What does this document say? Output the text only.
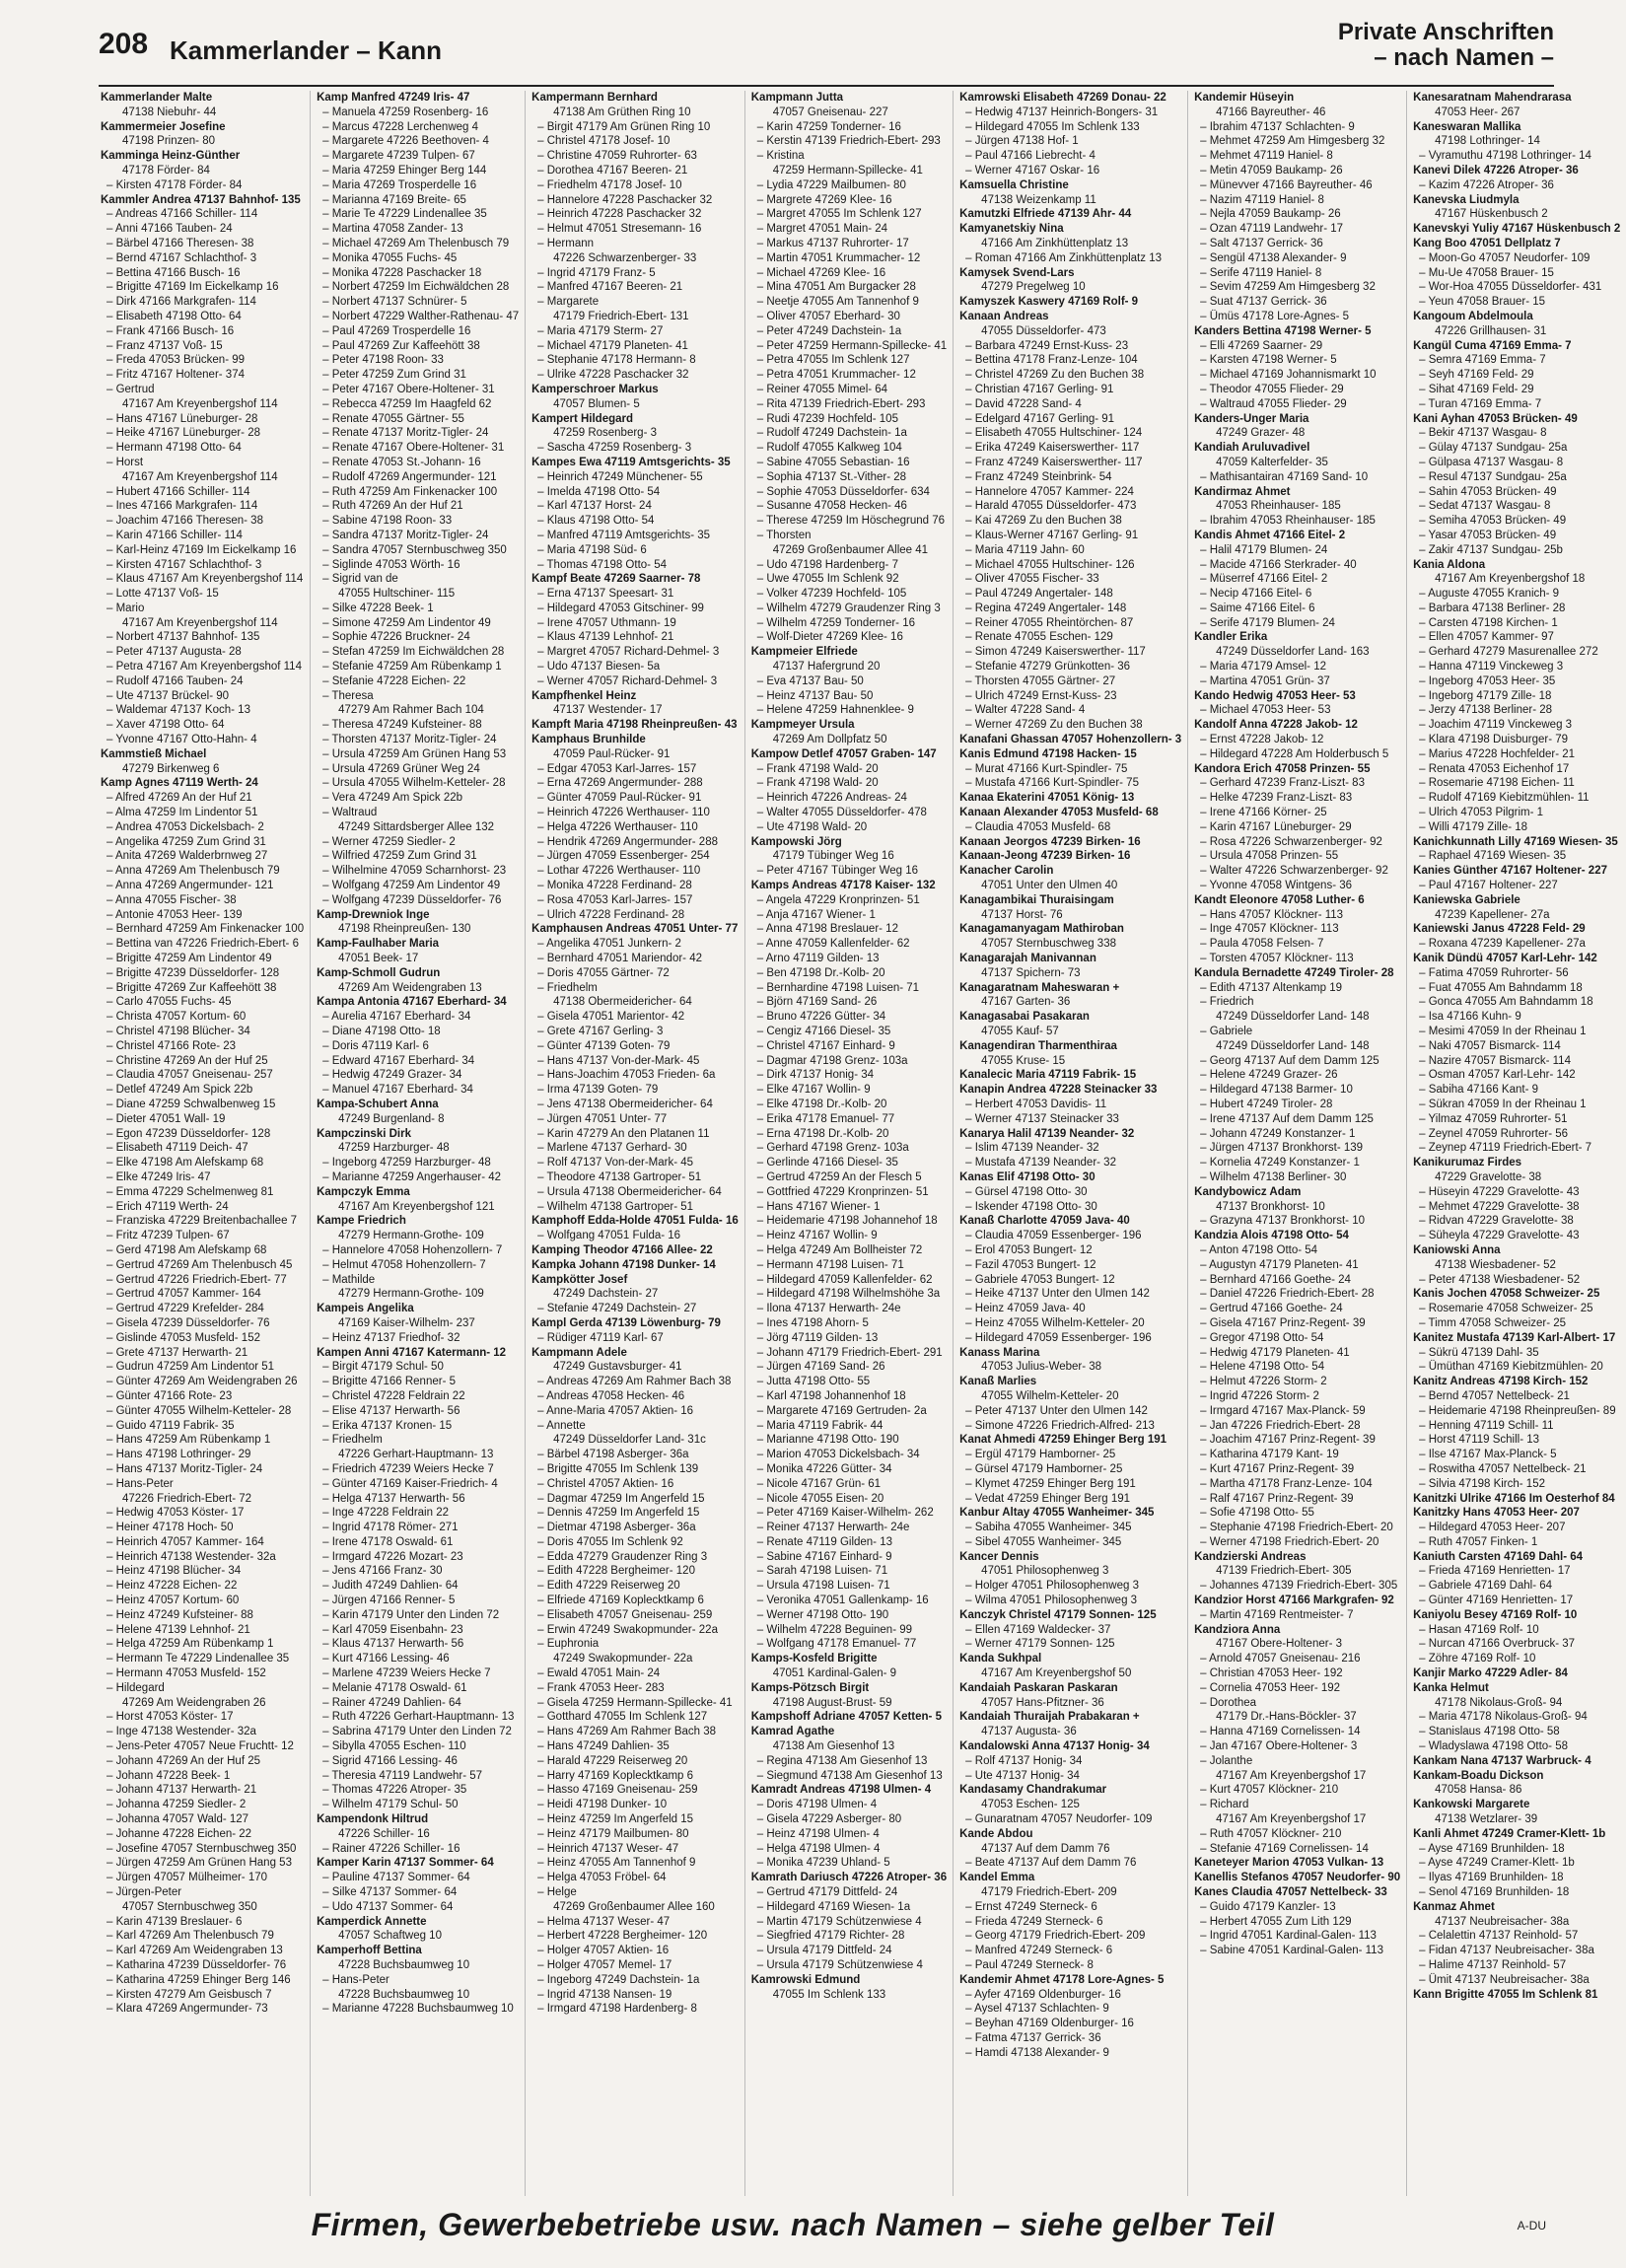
208 Kammerlander – Kann
Private Anschriften
– nach Namen –
Kammerlander Malte
47138 Niebuhr- 44
Kammermeier Josefine
47198 Prinzen- 80
Kamminga Heinz-Günther
47178 Förder- 84
– Kirsten 47178 Förder- 84
Kammler Andrea 47137 Bahnhof- 135
– Andreas 47166 Schiller- 114
– Anni 47166 Tauben- 24
– Bärbel 47166 Theresen- 38
– Bernd 47167 Schlachthof- 3
– Bettina 47166 Busch- 16
– Brigitte 47169 Im Eickelkamp 16
– Dirk 47166 Markgrafen- 114
– Elisabeth 47198 Otto- 64
– Frank 47166 Busch- 16
– Franz 47137 Voß- 15
– Freda 47053 Brücken- 99
– Fritz 47167 Holtener- 374
– Gertrud
47167 Am Kreyenbergshof 114
– Hans 47167 Lüneburger- 28
– Heike 47167 Lüneburger- 28
– Hermann 47198 Otto- 64
– Horst
47167 Am Kreyenbergshof 114
– Hubert 47166 Schiller- 114
– Ines 47166 Markgrafen- 114
– Joachim 47166 Theresen- 38
– Karin 47166 Schiller- 114
– Karl-Heinz 47169 Im Eickelkamp 16
– Kirsten 47167 Schlachthof- 3
– Klaus 47167 Am Kreyenbergshof 114
– Lotte 47137 Voß- 15
– Mario
47167 Am Kreyenbergshof 114
– Norbert 47137 Bahnhof- 135
– Peter 47137 Augusta- 28
– Petra 47167 Am Kreyenbergshof 114
– Rudolf 47166 Tauben- 24
– Ute 47137 Brückel- 90
– Waldemar 47137 Koch- 13
– Xaver 47198 Otto- 64
– Yvonne 47167 Otto-Hahn- 4
Kammstieß Michael
47279 Birkenweg 6
Kamp Agnes 47119 Werth- 24
– Alfred 47269 An der Huf 21
– Alma 47259 Im Lindentor 51
– Andrea 47053 Dickelsbach- 2
– Angelika 47259 Zum Grind 31
– Anita 47269 Walderbrnweg 27
– Anna 47269 Am Thelenbusch 79
– Anna 47269 Angermunder- 121
– Anna 47055 Fischer- 38
– Antonie 47053 Heer- 139
– Bernhard 47259 Am Finkenacker 100
– Bettina van 47226 Friedrich-Ebert- 6
– Brigitte 47259 Am Lindentor 49
– Brigitte 47239 Düsseldorfer- 128
– Brigitte 47269 Zur Kaffeehött 38
– Carlo 47055 Fuchs- 45
– Christa 47057 Kortum- 60
– Christel 47198 Blücher- 34
– Christel 47166 Rote- 23
– Christine 47269 An der Huf 25
– Claudia 47057 Gneisenau- 257
– Detlef 47249 Am Spick 22b
– Diane 47259 Schwalbenweg 15
– Dieter 47051 Wall- 19
– Egon 47239 Düsseldorfer- 128
– Elisabeth 47119 Deich- 47
– Elke 47198 Am Alefskamp 68
– Elke 47249 Iris- 47
– Emma 47229 Schelmenweg 81
– Erich 47119 Werth- 24
– Franziska 47229 Breitenbachallee 7
– Fritz 47239 Tulpen- 67
– Gerd 47198 Am Alefskamp 68
– Gertrud 47269 Am Thelenbusch 45
– Gertrud 47226 Friedrich-Ebert- 77
– Gertrud 47057 Kammer- 164
– Gertrud 47229 Krefelder- 284
– Gisela 47239 Düsseldorfer- 76
– Gislinde 47053 Musfeld- 152
– Grete 47137 Herwarth- 21
– Gudrun 47259 Am Lindentor 51
– Günter 47269 Am Weidengraben 26
– Günter 47166 Rote- 23
– Günter 47055 Wilhelm-Ketteler- 28
– Guido 47119 Fabrik- 35
– Hans 47259 Am Rübenkamp 1
– Hans 47198 Lothringer- 29
– Hans 47137 Moritz-Tigler- 24
– Hans-Peter
47226 Friedrich-Ebert- 72
– Hedwig 47053 Köster- 17
– Heiner 47178 Hoch- 50
– Heinrich 47057 Kammer- 164
– Heinrich 47138 Westender- 32a
– Heinz 47198 Blücher- 34
– Heinz 47228 Eichen- 22
– Heinz 47057 Kortum- 60
– Heinz 47249 Kufsteiner- 88
– Helene 47139 Lehnhof- 21
– Helga 47259 Am Rübenkamp 1
– Hermann Te 47229 Lindenallee 35
– Hermann 47053 Musfeld- 152
– Hildegard
47269 Am Weidengraben 26
– Horst 47053 Köster- 17
– Inge 47138 Westender- 32a
– Jens-Peter 47057 Neue Fruchtt- 12
– Johann 47269 An der Huf 25
– Johann 47228 Beek- 1
– Johann 47137 Herwarth- 21
– Johanna 47259 Siedler- 2
– Johanna 47057 Wald- 127
– Johanne 47228 Eichen- 22
– Josefine 47057 Sternbuschweg 350
– Jürgen 47259 Am Grünen Hang 53
– Jürgen 47057 Mülheimer- 170
– Jürgen-Peter
47057 Sternbuschweg 350
– Karin 47139 Breslauer- 6
– Karl 47269 Am Thelenbusch 79
– Karl 47269 Am Weidengraben 13
– Katharina 47239 Düsseldorfer- 76
– Katharina 47259 Ehinger Berg 146
– Kirsten 47279 Am Geisbusch 7
– Klara 47269 Angermunder- 73
Kamp Manfred 47249 Iris- 47
– Manuela 47259 Rosenberg- 16
– Marcus 47228 Lerchenweg 4
– Margarete 47226 Beethoven- 4
– Margarete 47239 Tulpen- 67
– Maria 47259 Ehinger Berg 144
– Maria 47269 Trosperdelle 16
– Marianna 47169 Breite- 65
– Marie Te 47229 Lindenallee 35
– Martina 47058 Zander- 13
– Michael 47269 Am Thelenbusch 79
– Monika 47055 Fuchs- 45
– Monika 47228 Paschacker 18
– Norbert 47259 Im Eichwäldchen 28
– Norbert 47137 Schnürer- 5
– Norbert 47229 Walther-Rathenau- 47
– Paul 47269 Trosperdelle 16
– Paul 47269 Zur Kaffeehött 38
– Peter 47198 Roon- 33
– Peter 47259 Zum Grind 31
– Peter 47167 Obere-Holtener- 31
– Rebecca 47259 Im Haagfeld 62
– Renate 47055 Gärtner- 55
– Renate 47137 Moritz-Tigler- 24
– Renate 47167 Obere-Holtener- 31
– Renate 47053 St.-Johann- 16
– Rudolf 47269 Angermunder- 121
– Ruth 47259 Am Finkenacker 100
– Ruth 47269 An der Huf 21
– Sabine 47198 Roon- 33
– Sandra 47137 Moritz-Tigler- 24
– Sandra 47057 Sternbuschweg 350
– Siglinde 47053 Wörth- 16
– Sigrid van de
47055 Hultschiner- 115
– Silke 47228 Beek- 1
– Simone 47259 Am Lindentor 49
– Sophie 47226 Bruckner- 24
– Stefan 47259 Im Eichwäldchen 28
– Stefanie 47259 Am Rübenkamp 1
– Stefanie 47228 Eichen- 22
– Theresa
47279 Am Rahmer Bach 104
– Theresa 47249 Kufsteiner- 88
– Thorsten 47137 Moritz-Tigler- 24
– Ursula 47259 Am Grünen Hang 53
– Ursula 47269 Grüner Weg 24
– Ursula 47055 Wilhelm-Ketteler- 28
– Vera 47249 Am Spick 22b
– Waltraud
47249 Sittardsberger Allee 132
– Werner 47259 Siedler- 2
– Wilfried 47259 Zum Grind 31
– Wilhelmine 47059 Scharnhorst- 23
– Wolfgang 47259 Am Lindentor 49
– Wolfgang 47239 Düsseldorfer- 76
Kamp-Drewniok Inge
47198 Rheinpreußen- 130
Kamp-Faulhaber Maria
47051 Beek- 17
Kamp-Schmoll Gudrun
47269 Am Weidengraben 13
Kampa Antonia 47167 Eberhard- 34
– Aurelia 47167 Eberhard- 34
– Diane 47198 Otto- 18
– Doris 47119 Karl- 6
– Edward 47167 Eberhard- 34
– Hedwig 47249 Grazer- 34
– Manuel 47167 Eberhard- 34
Kampa-Schubert Anna
47249 Burgenland- 8
Kampczinski Dirk
47259 Harzburger- 48
– Ingeborg 47259 Harzburger- 48
– Marianne 47259 Angerhauser- 42
Kampczyk Emma
47167 Am Kreyenbergshof 121
Kampe Friedrich
47279 Hermann-Grothe- 109
– Hannelore 47058 Hohenzollern- 7
– Helmut 47058 Hohenzollern- 7
– Mathilde
47279 Hermann-Grothe- 109
Kampeis Angelika
47169 Kaiser-Wilhelm- 237
– Heinz 47137 Friedhof- 32
Kampen Anni 47167 Katermann- 12
– Birgit 47179 Schul- 50
– Brigitte 47166 Renner- 5
– Christel 47228 Feldrain 22
– Elise 47137 Herwarth- 56
– Erika 47137 Kronen- 15
– Friedhelm
47226 Gerhart-Hauptmann- 13
– Friedrich 47239 Weiers Hecke 7
– Günter 47169 Kaiser-Friedrich- 4
– Helga 47137 Herwarth- 56
– Inge 47228 Feldrain 22
– Ingrid 47178 Römer- 271
– Irene 47178 Oswald- 61
– Irmgard 47226 Mozart- 23
– Jens 47166 Franz- 30
– Judith 47249 Dahlien- 64
– Jürgen 47166 Renner- 5
– Karin 47179 Unter den Linden 72
– Karl 47059 Eisenbahn- 23
– Klaus 47137 Herwarth- 56
– Kurt 47166 Lessing- 46
– Marlene 47239 Weiers Hecke 7
– Melanie 47178 Oswald- 61
– Rainer 47249 Dahlien- 64
– Ruth 47226 Gerhart-Hauptmann- 13
– Sabrina 47179 Unter den Linden 72
– Sibylla 47055 Eschen- 110
– Sigrid 47166 Lessing- 46
– Theresia 47119 Landwehr- 57
– Thomas 47226 Atroper- 35
– Wilhelm 47179 Schul- 50
Kampendonk Hiltrud
47226 Schiller- 16
– Rainer 47226 Schiller- 16
Kamper Karin 47137 Sommer- 64
– Pauline 47137 Sommer- 64
– Silke 47137 Sommer- 64
– Udo 47137 Sommer- 64
Kamperdick Annette
47057 Schaftweg 10
Kamperhoff Bettina
47228 Buchsbaumweg 10
– Hans-Peter
47228 Buchsbaumweg 10
– Marianne 47228 Buchsbaumweg 10
Kampermann Bernhard
47138 Am Grüthen Ring 10
– Birgit 47179 Am Grünen Ring 10
– Christel 47178 Josef- 10
– Christine 47059 Ruhrorter- 63
– Dorothea 47167 Beeren- 21
– Friedhelm 47178 Josef- 10
– Hannelore 47228 Paschacker 32
– Heinrich 47228 Paschacker 32
– Helmut 47051 Stresemann- 16
– Hermann
47226 Schwarzenberger- 33
– Ingrid 47179 Franz- 5
– Manfred 47167 Beeren- 21
– Margarete
47179 Friedrich-Ebert- 131
– Maria 47179 Sterm- 27
– Michael 47179 Planeten- 41
– Stephanie 47178 Hermann- 8
– Ulrike 47228 Paschacker 32
Kamperschroer Markus
47057 Blumen- 5
Kampert Hildegard
47259 Rosenberg- 3
– Sascha 47259 Rosenberg- 3
Kampes Ewa 47119 Amtsgerichts- 35
– Heinrich 47249 Münchener- 55
– Imelda 47198 Otto- 54
– Karl 47137 Horst- 24
– Klaus 47198 Otto- 54
– Manfred 47119 Amtsgerichts- 35
– Maria 47198 Süd- 6
– Thomas 47198 Otto- 54
Kampf Beate 47269 Saarner- 78
– Erna 47137 Speesart- 31
– Hildegard 47053 Gitschiner- 99
– Irene 47057 Uthmann- 19
– Klaus 47139 Lehnhof- 21
– Margret 47057 Richard-Dehmel- 3
– Udo 47137 Biesen- 5a
– Werner 47057 Richard-Dehmel- 3
Kampfhenkel Heinz
47137 Westender- 17
Kampft Maria 47198 Rheinpreußen- 43
Kamphaus Brunhilde
47059 Paul-Rücker- 91
– Edgar 47053 Karl-Jarres- 157
– Erna 47269 Angermunder- 288
– Günter 47059 Paul-Rücker- 91
– Heinrich 47226 Werthauser- 110
– Helga 47226 Werthauser- 110
– Hendrik 47269 Angermunder- 288
– Jürgen 47059 Essenberger- 254
– Lothar 47226 Werthauser- 110
– Monika 47228 Ferdinand- 28
– Rosa 47053 Karl-Jarres- 157
– Ulrich 47228 Ferdinand- 28
Kamphausen Andreas 47051 Unter- 77
– Angelika 47051 Junkern- 2
– Bernhard 47051 Mariendor- 42
– Doris 47055 Gärtner- 72
– Friedhelm
47138 Obermeidericher- 64
– Gisela 47051 Marientor- 42
– Grete 47167 Gerling- 3
– Günter 47139 Goten- 79
– Hans 47137 Von-der-Mark- 45
– Hans-Joachim 47053 Frieden- 6a
– Irma 47139 Goten- 79
– Jens 47138 Obermeidericher- 64
– Jürgen 47051 Unter- 77
– Karin 47279 An den Platanen 11
– Marlene 47137 Gerhard- 30
– Rolf 47137 Von-der-Mark- 45
– Theodore 47138 Gartroper- 51
– Ursula 47138 Obermeidericher- 64
– Wilhelm 47138 Gartroper- 51
Kamphoff Edda-Holde 47051 Fulda- 16
– Wolfgang 47051 Fulda- 16
Kamping Theodor 47166 Allee- 22
Kampka Johann 47198 Dunker- 14
Kampkötter Josef
47249 Dachstein- 27
– Stefanie 47249 Dachstein- 27
Kampl Gerda 47139 Löwenburg- 79
– Rüdiger 47119 Karl- 67
Kampmann Adele
47249 Gustavsburger- 41
– Andreas 47269 Am Rahmer Bach 38
– Andreas 47058 Hecken- 46
– Anne-Maria 47057 Aktien- 16
– Annette
47249 Düsseldorfer Land- 31c
– Bärbel 47198 Asberger- 36a
– Brigitte 47055 Im Schlenk 139
– Christel 47057 Aktien- 16
– Dagmar 47259 Im Angerfeld 15
– Dennis 47259 Im Angerfeld 15
– Dietmar 47198 Asberger- 36a
– Doris 47055 Im Schlenk 92
– Edda 47279 Graudenzer Ring 3
– Edith 47228 Bergheimer- 120
– Edith 47229 Reiserweg 20
– Elfriede 47169 Koplecktkamp 6
– Elisabeth 47057 Gneisenau- 259
– Erwin 47249 Swakopmunder- 22a
– Euphronia
47249 Swakopmunder- 22a
– Ewald 47051 Main- 24
– Frank 47053 Heer- 283
– Gisela 47259 Hermann-Spillecke- 41
– Gotthard 47055 Im Schlenk 127
– Hans 47269 Am Rahmer Bach 38
– Hans 47249 Dahlien- 35
– Harald 47229 Reiserweg 20
– Harry 47169 Koplecktkamp 6
– Hasso 47169 Gneisenau- 259
– Heidi 47198 Dunker- 10
– Heinz 47259 Im Angerfeld 15
– Heinz 47179 Mailbumen- 80
– Heinrich 47137 Weser- 47
– Heinz 47055 Am Tannenhof 9
– Helga 47053 Fröbel- 64
– Helge
47269 Großenbaumer Allee 160
– Helma 47137 Weser- 47
– Herbert 47228 Bergheimer- 120
– Holger 47057 Aktien- 16
– Holger 47057 Memel- 17
– Ingeborg 47249 Dachstein- 1a
– Ingrid 47138 Nansen- 19
– Irmgard 47198 Hardenberg- 8
Kampmann Jutta
47057 Gneisenau- 227
– Karin 47259 Tonderner- 16
– Kerstin 47139 Friedrich-Ebert- 293
– Kristina
47259 Hermann-Spillecke- 41
– Lydia 47229 Mailbumen- 80
– Margrete 47269 Klee- 16
– Margret 47055 Im Schlenk 127
– Margret 47051 Main- 24
– Markus 47137 Ruhrorter- 17
– Martin 47051 Krummacher- 12
– Michael 47269 Klee- 16
– Mina 47051 Am Burgacker 28
– Neetje 47055 Am Tannenhof 9
– Oliver 47057 Eberhard- 30
– Peter 47249 Dachstein- 1a
– Peter 47259 Hermann-Spillecke- 41
– Petra 47055 Im Schlenk 127
– Petra 47051 Krummacher- 12
– Reiner 47055 Mimel- 64
– Rita 47139 Friedrich-Ebert- 293
– Rudi 47239 Hochfeld- 105
– Rudolf 47249 Dachstein- 1a
– Rudolf 47055 Kalkweg 104
– Sabine 47055 Sebastian- 16
– Sophia 47137 St.-Vither- 28
– Sophie 47053 Düsseldorfer- 634
– Susanne 47058 Hecken- 46
– Therese 47259 Im Höschegrund 76
– Thorsten
47269 Großenbaumer Allee 41
– Udo 47198 Hardenberg- 7
– Uwe 47055 Im Schlenk 92
– Volker 47239 Hochfeld- 105
– Wilhelm 47279 Graudenzer Ring 3
– Wilhelm 47259 Tonderner- 16
– Wolf-Dieter 47269 Klee- 16
Kampmeier Elfriede
47137 Hafergrund 20
– Eva 47137 Bau- 50
– Heinz 47137 Bau- 50
– Helene 47259 Hahnenklee- 9
Kampmeyer Ursula
47269 Am Dollpfatz 50
Kampow Detlef 47057 Graben- 147
– Frank 47198 Wald- 20
– Frank 47198 Wald- 20
– Heinrich 47226 Andreas- 24
– Walter 47055 Düsseldorfer- 478
– Ute 47198 Wald- 20
Kampowski Jörg
47179 Tübinger Weg 16
– Peter 47167 Tübinger Weg 16
Kamps Andreas 47178 Kaiser- 132
– Angela 47229 Kronprinzen- 51
– Anja 47167 Wiener- 1
– Anna 47198 Breslauer- 12
– Anne 47059 Kallenfelder- 62
– Arno 47119 Gilden- 13
– Ben 47198 Dr.-Kolb- 20
– Bernhardine 47198 Luisen- 71
– Björn 47169 Sand- 26
– Bruno 47226 Gütter- 34
– Cengiz 47166 Diesel- 35
– Christel 47167 Einhard- 9
– Dagmar 47198 Grenz- 103a
– Dirk 47137 Honig- 34
– Elke 47167 Wollin- 9
– Elke 47198 Dr.-Kolb- 20
– Erika 47178 Emanuel- 77
– Erna 47198 Dr.-Kolb- 20
– Gerhard 47198 Grenz- 103a
– Gerlinde 47166 Diesel- 35
– Gertrud 47259 An der Flesch 5
– Gottfried 47229 Kronprinzen- 51
– Hans 47167 Wiener- 1
– Heidemarie 47198 Johannehof 18
– Heinz 47167 Wollin- 9
– Helga 47249 Am Bollheister 72
– Hermann 47198 Luisen- 71
– Hildegard 47059 Kallenfelder- 62
– Hildegard 47198 Wilhelmshöhe 3a
– Ilona 47137 Herwarth- 24e
– Ines 47198 Ahorn- 5
– Jörg 47119 Gilden- 13
– Johann 47179 Friedrich-Ebert- 291
– Jürgen 47169 Sand- 26
– Jutta 47198 Otto- 55
– Karl 47198 Johannenhof 18
– Margarete 47169 Gertruden- 2a
– Maria 47119 Fabrik- 44
– Marianne 47198 Otto- 190
– Marion 47053 Dickelsbach- 34
– Monika 47226 Gütter- 34
– Nicole 47167 Grün- 61
– Nicole 47055 Eisen- 20
– Peter 47169 Kaiser-Wilhelm- 262
– Reiner 47137 Herwarth- 24e
– Renate 47119 Gilden- 13
– Sabine 47167 Einhard- 9
– Sarah 47198 Luisen- 71
– Ursula 47198 Luisen- 71
– Veronika 47051 Gallenkamp- 16
– Werner 47198 Otto- 190
– Wilhelm 47228 Beguinen- 99
– Wolfgang 47178 Emanuel- 77
Kamps-Kosfeld Brigitte
47051 Kardinal-Galen- 9
Kamps-Pötzsch Birgit
47198 August-Brust- 59
Kampshoff Adriane 47057 Ketten- 5
Kamrad Agathe
47138 Am Giesenhof 13
– Regina 47138 Am Giesenhof 13
– Siegmund 47138 Am Giesenhof 13
Kamradt Andreas 47198 Ulmen- 4
– Doris 47198 Ulmen- 4
– Gisela 47229 Asberger- 80
– Heinz 47198 Ulmen- 4
– Helga 47198 Ulmen- 4
– Monika 47239 Uhland- 5
Kamrath Dariusch 47226 Atroper- 36
– Gertrud 47179 Dittfeld- 24
– Hildegard 47169 Wiesen- 1a
– Martin 47179 Schützenwiese 4
– Siegfried 47179 Richter- 28
– Ursula 47179 Dittfeld- 24
– Ursula 47179 Schützenwiese 4
Kamrowski Edmund
47055 Im Schlenk 133
Kamrowski Elisabeth 47269 Donau- 22
– Hedwig 47137 Heinrich-Bongers- 31
– Hildegard 47055 Im Schlenk 133
– Jürgen 47138 Hof- 1
– Paul 47166 Liebrecht- 4
– Werner 47167 Oskar- 16
Kamsuella Christine
47138 Weizenkamp 11
Kamutzki Elfriede 47139 Ahr- 44
Kamyanetskiy Nina
47166 Am Zinkhüttenplatz 13
– Roman 47166 Am Zinkhüttenplatz 13
Kamysek Svend-Lars
47279 Pregelweg 10
Kamyszek Kaswery 47169 Rolf- 9
Kanaan Andreas
47055 Düsseldorfer- 473
– Barbara 47249 Ernst-Kuss- 23
– Bettina 47178 Franz-Lenze- 104
– Christel 47269 Zu den Buchen 38
– Christian 47167 Gerling- 91
– David 47228 Sand- 4
– Edelgard 47167 Gerling- 91
– Elisabeth 47055 Hultschiner- 124
– Erika 47249 Kaiserswerther- 117
– Franz 47249 Kaiserswerther- 117
– Franz 47249 Steinbrink- 54
– Hannelore 47057 Kammer- 224
– Harald 47055 Düsseldorfer- 473
– Kai 47269 Zu den Buchen 38
– Klaus-Werner 47167 Gerling- 91
– Maria 47119 Jahn- 60
– Michael 47055 Hultschiner- 126
– Oliver 47055 Fischer- 33
– Paul 47249 Angertaler- 148
– Regina 47249 Angertaler- 148
– Reiner 47055 Rheintörchen- 87
– Renate 47055 Eschen- 129
– Simon 47249 Kaiserswerther- 117
– Stefanie 47279 Grünkotten- 36
– Thorsten 47055 Gärtner- 27
– Ulrich 47249 Ernst-Kuss- 23
– Walter 47228 Sand- 4
– Werner 47269 Zu den Buchen 38
Kanafani Ghassan 47057 Hohenzollern- 3
Kanis Edmund 47198 Hacken- 15
– Murat 47166 Kurt-Spindler- 75
– Mustafa 47166 Kurt-Spindler- 75
Kanaa Ekaterini 47051 König- 13
Kanaan Alexander 47053 Musfeld- 68
– Claudia 47053 Musfeld- 68
Kanaan Jeorgos 47239 Birken- 16
Kanaan-Jeong 47239 Birken- 16
Kanacher Carolin
47051 Unter den Ulmen 40
Kanagambikai Thuraisingam
47137 Horst- 76
Kanagamanyagam Mathiroban
47057 Sternbuschweg 338
Kanagarajah Manivannan
47137 Spichern- 73
Kanagaratnam Maheswaran +
47167 Garten- 36
Kanagasabai Pasakaran
47055 Kauf- 57
Kanagendiran Tharmenthiraa
47055 Kruse- 15
Kanalecic Maria 47119 Fabrik- 15
Kanapin Andrea 47228 Steinacker 33
– Herbert 47053 Davidis- 11
– Werner 47137 Steinacker 33
Kanarya Halil 47139 Neander- 32
– Islim 47139 Neander- 32
– Mustafa 47139 Neander- 32
Kanas Elif 47198 Otto- 30
– Gürsel 47198 Otto- 30
– Iskender 47198 Otto- 30
Kanaß Charlotte 47059 Java- 40
– Claudia 47059 Essenberger- 196
– Erol 47053 Bungert- 12
– Fazil 47053 Bungert- 12
– Gabriele 47053 Bungert- 12
– Heike 47137 Unter den Ulmen 142
– Heinz 47059 Java- 40
– Heinz 47055 Wilhelm-Ketteler- 20
– Hildegard 47059 Essenberger- 196
Kanass Marina
47053 Julius-Weber- 38
Kanaß Marlies
47055 Wilhelm-Ketteler- 20
– Peter 47137 Unter den Ulmen 142
– Simone 47226 Friedrich-Alfred- 213
Kanat Ahmedi 47259 Ehinger Berg 191
– Ergül 47179 Hamborner- 25
– Gürsel 47179 Hamborner- 25
– Klymet 47259 Ehinger Berg 191
– Vedat 47259 Ehinger Berg 191
Kanbur Altay 47055 Wanheimer- 345
– Sabiha 47055 Wanheimer- 345
– Sibel 47055 Wanheimer- 345
Kancer Dennis
47051 Philosophenweg 3
– Holger 47051 Philosophenweg 3
– Wilma 47051 Philosophenweg 3
Kanczyk Christel 47179 Sonnen- 125
– Ellen 47169 Waldecker- 37
– Werner 47179 Sonnen- 125
Kanda Sukhpal
47167 Am Kreyenbergshof 50
Kandaiah Paskaran Paskaran
47057 Hans-Pfitzner- 36
Kandaiah Thuraijah Prabakaran +
47137 Augusta- 36
Kandalowski Anna 47137 Honig- 34
– Rolf 47137 Honig- 34
– Ute 47137 Honig- 34
Kandasamy Chandrakumar
47053 Eschen- 125
– Gunaratnam 47057 Neudorfer- 109
Kande Abdou
47137 Auf dem Damm 76
– Beate 47137 Auf dem Damm 76
Kandel Emma
47179 Friedrich-Ebert- 209
– Ernst 47249 Sterneck- 6
– Frieda 47249 Sterneck- 6
– Georg 47179 Friedrich-Ebert- 209
– Manfred 47249 Sterneck- 6
– Paul 47249 Sterneck- 8
Kandemir Ahmet 47178 Lore-Agnes- 5
– Ayfer 47169 Oldenburger- 16
– Aysel 47137 Schlachten- 9
– Beyhan 47169 Oldenburger- 16
– Fatma 47137 Gerrick- 36
– Hamdi 47138 Alexander- 9
Kandemir Hüseyin
47166 Bayreuther- 46
– Ibrahim 47137 Schlachten- 9
– Mehmet 47259 Am Himgesberg 32
– Mehmet 47119 Haniel- 8
– Metin 47059 Baukamp- 26
– Münevver 47166 Bayreuther- 46
– Nazim 47119 Haniel- 8
– Nejla 47059 Baukamp- 26
– Ozan 47119 Landwehr- 17
– Salt 47137 Gerrick- 36
– Sengül 47138 Alexander- 9
– Serife 47119 Haniel- 8
– Sevim 47259 Am Himgesberg 32
– Suat 47137 Gerrick- 36
– Ümüs 47178 Lore-Agnes- 5
Kanders Bettina 47198 Werner- 5
– Elli 47269 Saarner- 29
– Karsten 47198 Werner- 5
– Michael 47169 Johannismarkt 10
– Theodor 47055 Flieder- 29
– Waltraud 47055 Flieder- 29
Kanders-Unger Maria
47249 Grazer- 48
Kandiah Aruluvadivel
47059 Kalterfelder- 35
– Mathisantairan 47169 Sand- 10
Kandirmaz Ahmet
47053 Rheinhauser- 185
– Ibrahim 47053 Rheinhauser- 185
Kandis Ahmet 47166 Eitel- 2
– Halil 47179 Blumen- 24
– Macide 47166 Sterkrader- 40
– Müserref 47166 Eitel- 2
– Necip 47166 Eitel- 6
– Saime 47166 Eitel- 6
– Serife 47179 Blumen- 24
Kandler Erika
47249 Düsseldorfer Land- 163
– Maria 47179 Amsel- 12
– Martina 47051 Grün- 37
Kando Hedwig 47053 Heer- 53
– Michael 47053 Heer- 53
Kandolf Anna 47228 Jakob- 12
– Ernst 47228 Jakob- 12
– Hildegard 47228 Am Holderbusch 5
Kandora Erich 47058 Prinzen- 55
– Gerhard 47239 Franz-Liszt- 83
– Helke 47239 Franz-Liszt- 83
– Irene 47166 Körner- 25
– Karin 47167 Lüneburger- 29
– Rosa 47226 Schwarzenberger- 92
– Ursula 47058 Prinzen- 55
– Walter 47226 Schwarzenberger- 92
– Yvonne 47058 Wintgens- 36
Kandt Eleonore 47058 Luther- 6
– Hans 47057 Klöckner- 113
– Inge 47057 Klöckner- 113
– Paula 47058 Felsen- 7
– Torsten 47057 Klöckner- 113
Kandula Bernadette 47249 Tiroler- 28
– Edith 47137 Altenkamp 19
– Friedrich
47249 Düsseldorfer Land- 148
– Gabriele
47249 Düsseldorfer Land- 148
– Georg 47137 Auf dem Damm 125
– Helene 47249 Grazer- 26
– Hildegard 47138 Barmer- 10
– Hubert 47249 Tiroler- 28
– Irene 47137 Auf dem Damm 125
– Johann 47249 Konstanzer- 1
– Jürgen 47137 Bronkhorst- 139
– Kornelia 47249 Konstanzer- 1
– Wilhelm 47138 Berliner- 30
Kandybowicz Adam
47137 Bronkhorst- 10
– Grazyna 47137 Bronkhorst- 10
Kandzia Alois 47198 Otto- 54
– Anton 47198 Otto- 54
– Augustyn 47179 Planeten- 41
– Bernhard 47166 Goethe- 24
– Daniel 47226 Friedrich-Ebert- 28
– Gertrud 47166 Goethe- 24
– Gisela 47167 Prinz-Regent- 39
– Gregor 47198 Otto- 54
– Hedwig 47179 Planeten- 41
– Helene 47198 Otto- 54
– Helmut 47226 Storm- 2
– Ingrid 47226 Storm- 2
– Irmgard 47167 Max-Planck- 59
– Jan 47226 Friedrich-Ebert- 28
– Joachim 47167 Prinz-Regent- 39
– Katharina 47179 Kant- 19
– Kurt 47167 Prinz-Regent- 39
– Martha 47178 Franz-Lenze- 104
– Ralf 47167 Prinz-Regent- 39
– Sofie 47198 Otto- 55
– Stephanie 47198 Friedrich-Ebert- 20
– Werner 47198 Friedrich-Ebert- 20
Kandzierski Andreas
47139 Friedrich-Ebert- 305
– Johannes 47139 Friedrich-Ebert- 305
Kandzior Horst 47166 Markgrafen- 92
– Martin 47169 Rentmeister- 7
Kandziora Anna
47167 Obere-Holtener- 3
– Arnold 47057 Gneisenau- 216
– Christian 47053 Heer- 192
– Cornelia 47053 Heer- 192
– Dorothea
47179 Dr.-Hans-Böckler- 37
– Hanna 47169 Cornelissen- 14
– Jan 47167 Obere-Holtener- 3
– Jolanthe
47167 Am Kreyenbergshof 17
– Kurt 47057 Klöckner- 210
– Richard
47167 Am Kreyenbergshof 17
– Ruth 47057 Klöckner- 210
– Stefanie 47169 Cornelissen- 14
Kaneteyer Marion 47053 Vulkan- 13
Kanellis Stefanos 47057 Neudorfer- 90
Kanes Claudia 47057 Nettelbeck- 33
– Guido 47179 Kanzler- 13
– Herbert 47055 Zum Lith 129
– Ingrid 47051 Kardinal-Galen- 113
– Sabine 47051 Kardinal-Galen- 113
Kanesaratnam Mahendrarasa
47053 Heer- 267
Kaneswaran Mallika
47198 Lothringer- 14
– Vyramuthu 47198 Lothringer- 14
Kanevi Dilek 47226 Atroper- 36
– Kazim 47226 Atroper- 36
Kanevska Liudmyla
47167 Hüskenbusch 2
Kanevskyi Yuliy 47167 Hüskenbusch 2
Kang Boo 47051 Dellplatz 7
– Moon-Go 47057 Neudorfer- 109
– Mu-Ue 47058 Brauer- 15
– Wor-Hoa 47055 Düsseldorfer- 431
– Yeun 47058 Brauer- 15
Kangoum Abdelmoula
47226 Grillhausen- 31
Kangül Cuma 47169 Emma- 7
– Semra 47169 Emma- 7
– Seyh 47169 Feld- 29
– Sihat 47169 Feld- 29
– Turan 47169 Emma- 7
Kani Ayhan 47053 Brücken- 49
– Bekir 47137 Wasgau- 8
– Gülay 47137 Sundgau- 25a
– Gülpasa 47137 Wasgau- 8
– Resul 47137 Sundgau- 25a
– Sahin 47053 Brücken- 49
– Sedat 47137 Wasgau- 8
– Semiha 47053 Brücken- 49
– Yasar 47053 Brücken- 49
– Zakir 47137 Sundgau- 25b
Kania Aldona
47167 Am Kreyenbergshof 18
– Auguste 47055 Kranich- 9
– Barbara 47138 Berliner- 28
– Carsten 47198 Kirchen- 1
– Ellen 47057 Kammer- 97
– Gerhard 47279 Masurenallee 272
– Hanna 47119 Vinckeweg 3
– Ingeborg 47053 Heer- 35
– Ingeborg 47179 Zille- 18
– Jerzy 47138 Berliner- 28
– Joachim 47119 Vinckeweg 3
– Klara 47198 Duisburger- 79
– Marius 47228 Hochfelder- 21
– Renata 47053 Eichenhof 17
– Rosemarie 47198 Eichen- 11
– Rudolf 47169 Kiebitzmühlen- 11
– Ulrich 47053 Pilgrim- 1
– Willi 47179 Zille- 18
Kanichkunnath Lilly 47169 Wiesen- 35
– Raphael 47169 Wiesen- 35
Kanies Günther 47167 Holtener- 227
– Paul 47167 Holtener- 227
Kaniewska Gabriele
47239 Kapellener- 27a
Kaniewski Janus 47228 Feld- 29
– Roxana 47239 Kapellener- 27a
Kanik Dündü 47057 Karl-Lehr- 142
– Fatima 47059 Ruhrorter- 56
– Fuat 47055 Am Bahndamm 18
– Gonca 47055 Am Bahndamm 18
– Isa 47166 Kuhn- 9
– Mesimi 47059 In der Rheinau 1
– Naki 47057 Bismarck- 114
– Nazire 47057 Bismarck- 114
– Osman 47057 Karl-Lehr- 142
– Sabiha 47166 Kant- 9
– Sükran 47059 In der Rheinau 1
– Yilmaz 47059 Ruhrorter- 51
– Zeynel 47059 Ruhrorter- 56
– Zeynep 47119 Friedrich-Ebert- 7
Kanikurumaz Firdes
47229 Gravelotte- 38
– Hüseyin 47229 Gravelotte- 43
– Mehmet 47229 Gravelotte- 38
– Ridvan 47229 Gravelotte- 38
– Süheyla 47229 Gravelotte- 43
Kaniowski Anna
47138 Wiesbadener- 52
– Peter 47138 Wiesbadener- 52
Kanis Jochen 47058 Schweizer- 25
– Rosemarie 47058 Schweizer- 25
– Timm 47058 Schweizer- 25
Kanitez Mustafa 47139 Karl-Albert- 17
– Sükrü 47139 Dahl- 35
– Ümüthan 47169 Kiebitzmühlen- 20
Kanitz Andreas 47198 Kirch- 152
– Bernd 47057 Nettelbeck- 21
– Heidemarie 47198 Rheinpreußen- 89
– Henning 47119 Schill- 11
– Horst 47119 Schill- 13
– Ilse 47167 Max-Planck- 5
– Roswitha 47057 Nettelbeck- 21
– Silvia 47198 Kirch- 152
Kanitzki Ulrike 47166 Im Oesterhof 84
Kanitzky Hans 47053 Heer- 207
– Hildegard 47053 Heer- 207
– Ruth 47057 Finken- 1
Kaniuth Carsten 47169 Dahl- 64
– Frieda 47169 Henrietten- 17
– Gabriele 47169 Dahl- 64
– Günter 47169 Henrietten- 17
Kaniyolu Besey 47169 Rolf- 10
– Hasan 47169 Rolf- 10
– Nurcan 47166 Overbruck- 37
– Zöhre 47169 Rolf- 10
Kanjir Marko 47229 Adler- 84
Kanka Helmut
47178 Nikolaus-Groß- 94
– Maria 47178 Nikolaus-Groß- 94
– Stanislaus 47198 Otto- 58
– Wladyslawa 47198 Otto- 58
Kankam Nana 47137 Warbruck- 4
Kankam-Boadu Dickson
47058 Hansa- 86
Kankowski Margarete
47138 Wetzlarer- 39
Kanli Ahmet 47249 Cramer-Klett- 1b
– Ayse 47169 Brunhilden- 18
– Ayse 47249 Cramer-Klett- 1b
– Ilyas 47169 Brunhilden- 18
– Senol 47169 Brunhilden- 18
Kanmaz Ahmet
47137 Neubreisacher- 38a
– Celalettin 47137 Reinhold- 57
– Fidan 47137 Neubreisacher- 38a
– Halime 47137 Reinhold- 57
– Ümit 47137 Neubreisacher- 38a
Kann Brigitte 47055 Im Schlenk 81
Firmen, Gewerbebetriebe usw. nach Namen – siehe gelber Teil	A-DU
